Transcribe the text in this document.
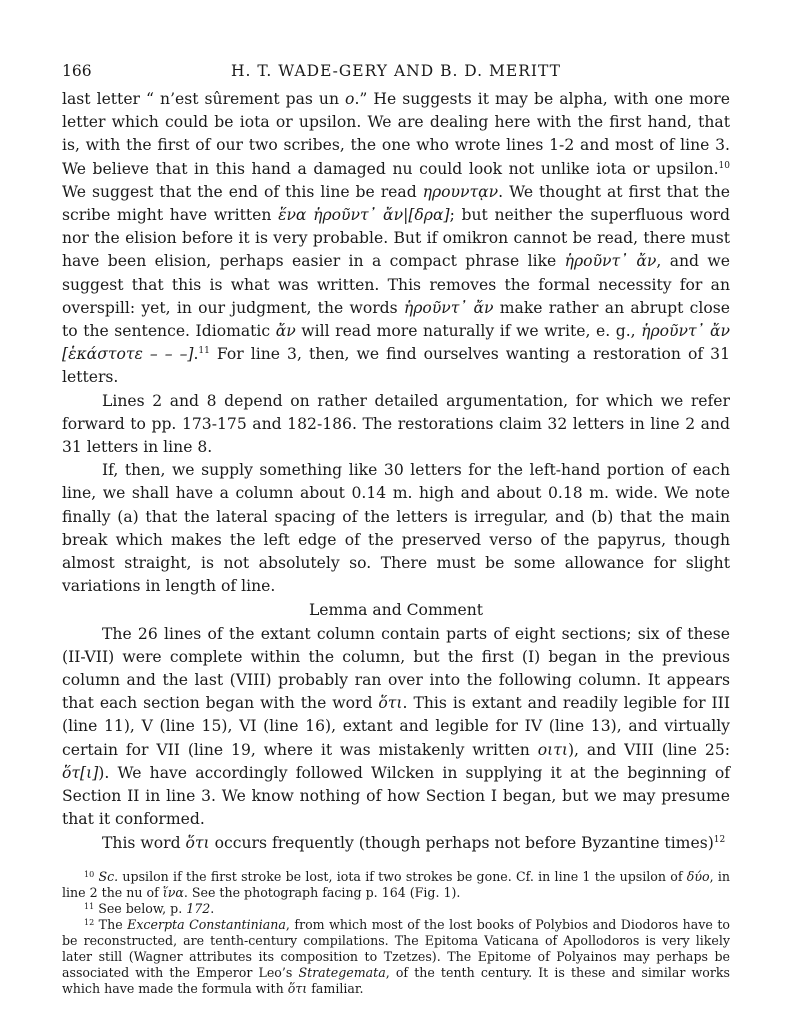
166	H. T. WADE-GERY AND B. D. MERITT

last letter “ n’est sûrement pas un o.” He suggests it may be alpha, with one more letter which could be iota or upsilon. We are dealing here with the first hand, that is, with the first of our two scribes, the one who wrote lines 1-2 and most of line 3. We believe that in this hand a damaged nu could look not unlike iota or upsilon.$^{10}$ We suggest that the end of this line be read ηρουντᾳν. We thought at first that the scribe might have written ἕνα ἡροῦντ᾽ ἄν|[δρα]; but neither the superfluous word nor the elision before it is very probable. But if omikron cannot be read, there must have been elision, perhaps easier in a compact phrase like ἡροῦντ᾽ ἄν, and we suggest that this is what was written. This removes the formal necessity for an overspill: yet, in our judgment, the words ἡροῦντ᾽ ἄν make rather an abrupt close to the sentence. Idiomatic ἄν will read more naturally if we write, e. g., ἡροῦντ᾽ ἄν [ἑκάστοτε – – –].$^{11}$ For line 3, then, we find ourselves wanting a restoration of 31 letters.

Lines 2 and 8 depend on rather detailed argumentation, for which we refer forward to pp. 173-175 and 182-186. The restorations claim 32 letters in line 2 and 31 letters in line 8.

If, then, we supply something like 30 letters for the left-hand portion of each line, we shall have a column about 0.14 m. high and about 0.18 m. wide. We note finally (a) that the lateral spacing of the letters is irregular, and (b) that the main break which makes the left edge of the preserved verso of the papyrus, though almost straight, is not absolutely so. There must be some allowance for slight variations in length of line.

Lemma and Comment

The 26 lines of the extant column contain parts of eight sections; six of these (II-VII) were complete within the column, but the first (I) began in the previous column and the last (VIII) probably ran over into the following column. It appears that each section began with the word ὅτι. This is extant and readily legible for III (line 11), V (line 15), VI (line 16), extant and legible for IV (line 13), and virtually certain for VII (line 19, where it was mistakenly written οιτι), and VIII (line 25: ὅτ[ι]). We have accordingly followed Wilcken in supplying it at the beginning of Section II in line 3. We know nothing of how Section I began, but we may presume that it conformed.

This word ὅτι occurs frequently (though perhaps not before Byzantine times)$^{12}$

$^{10}$ Sc. upsilon if the first stroke be lost, iota if two strokes be gone. Cf. in line 1 the upsilon of δύο, in line 2 the nu of ἵνα. See the photograph facing p. 164 (Fig. 1).

$^{11}$ See below, p. 172.

$^{12}$ The Excerpta Constantiniana, from which most of the lost books of Polybios and Diodoros have to be reconstructed, are tenth-century compilations. The Epitoma Vaticana of Apollodoros is very likely later still (Wagner attributes its composition to Tzetzes). The Epitome of Polyainos may perhaps be associated with the Emperor Leo’s Strategemata, of the tenth century. It is these and similar works which have made the formula with ὅτι familiar.
